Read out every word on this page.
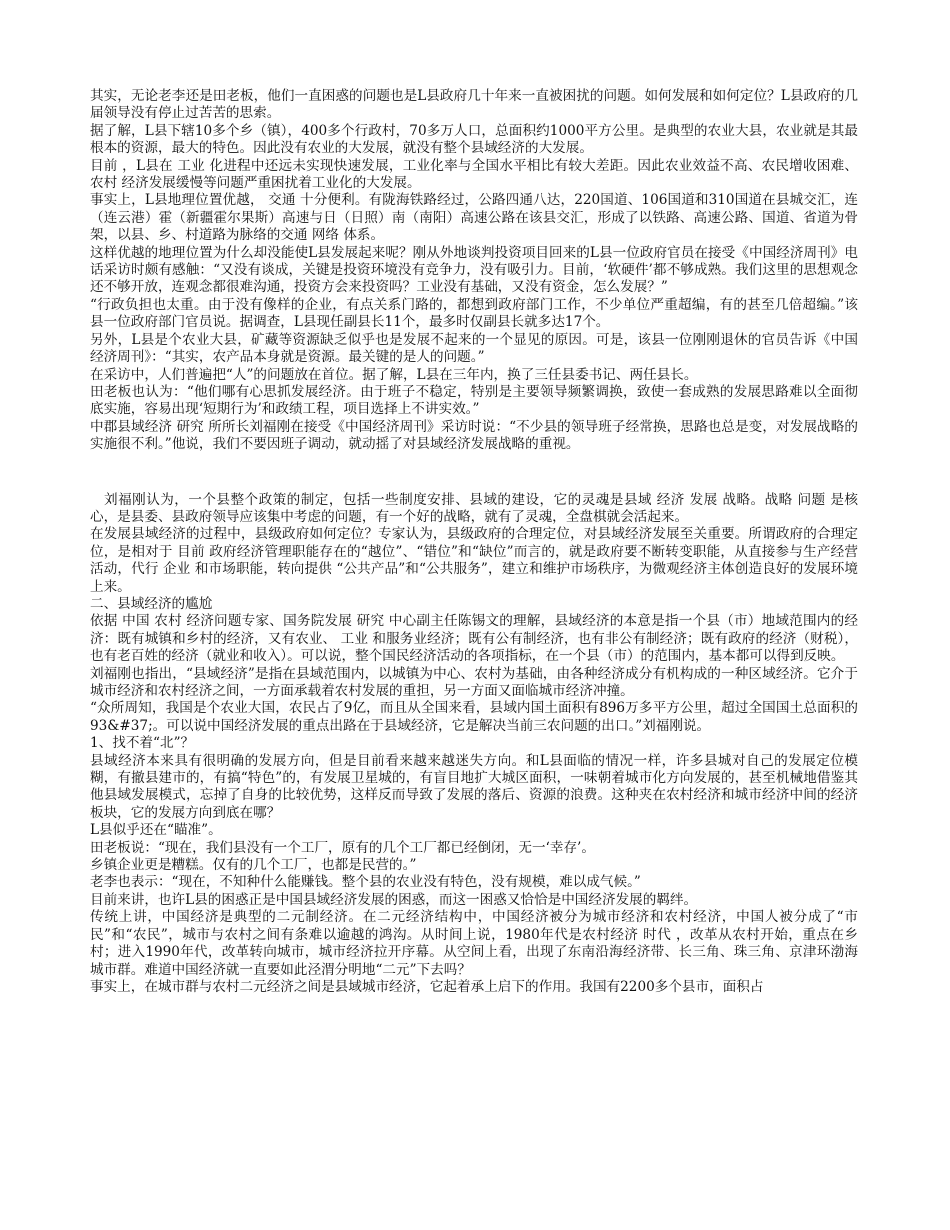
其实，无论老李还是田老板，他们一直困惑的问题也是L县政府几十年来一直被困扰的问题。如何发展和如何定位？L县政府的几届领导没有停止过苦苦的思索。

据了解，L县下辖10多个乡（镇），400多个行政村，70多万人口，总面积约1000平方公里。是典型的农业大县，农业就是其最根本的资源，最大的特色。因此没有农业的大发展，就没有整个县域经济的大发展。

目前 ，L县在 工业 化进程中还远未实现快速发展，工业化率与全国水平相比有较大差距。因此农业效益不高、农民增收困难、 农村 经济发展缓慢等问题严重困扰着工业化的大发展。

事实上，L县地理位置优越， 交通 十分便利。有陇海铁路经过，公路四通八达，220国道、106国道和310国道在县城交汇，连（连云港）霍（新疆霍尔果斯）高速与日（日照）南（南阳）高速公路在该县交汇，形成了以铁路、高速公路、国道、省道为骨架，以县、乡、村道路为脉络的交通 网络 体系。

这样优越的地理位置为什么却没能使L县发展起来呢？刚从外地谈判投资项目回来的L县一位政府官员在接受《中国经济周刊》电话采访时颇有感触：“又没有谈成，关键是投资环境没有竞争力，没有吸引力。目前，‘软硬件’都不够成熟。我们这里的思想观念还不够开放，连观念都很难沟通，投资方会来投资吗？工业没有基础，又没有资金，怎么发展？”

“行政负担也太重。由于没有像样的企业，有点关系门路的，都想到政府部门工作，不少单位严重超编，有的甚至几倍超编。”该县一位政府部门官员说。据调查，L县现任副县长11个，最多时仅副县长就多达17个。

另外，L县是个农业大县，矿藏等资源缺乏似乎也是发展不起来的一个显见的原因。可是，该县一位刚刚退休的官员告诉《中国经济周刊》：“其实，农产品本身就是资源。最关键的是人的问题。”

在采访中，人们普遍把“人”的问题放在首位。据了解，L县在三年内，换了三任县委书记、两任县长。

田老板也认为：“他们哪有心思抓发展经济。由于班子不稳定，特别是主要领导频繁调换，致使一套成熟的发展思路难以全面彻底实施，容易出现‘短期行为’和政绩工程，项目选择上不讲实效。”

中郡县域经济 研究 所所长刘福刚在接受《中国经济周刊》采访时说：“不少县的领导班子经常换，思路也总是变，对发展战略的实施很不利。”他说，我们不要因班子调动，就动摇了对县域经济发展战略的重视。

　刘福刚认为，一个县整个政策的制定，包括一些制度安排、县域的建设，它的灵魂是县域 经济 发展 战略。战略 问题 是核心，是县委、县政府领导应该集中考虑的问题，有一个好的战略，就有了灵魂，全盘棋就会活起来。

在发展县域经济的过程中，县级政府如何定位？专家认为，县级政府的合理定位，对县域经济发展至关重要。所谓政府的合理定位，是相对于 目前 政府经济管理职能存在的“越位”、“错位”和“缺位”而言的，就是政府要不断转变职能，从直接参与生产经营活动，代行 企业 和市场职能，转向提供 “公共产品”和“公共服务”，建立和维护市场秩序，为微观经济主体创造良好的发展环境上来。

二、县域经济的尴尬

依据 中国 农村 经济问题专家、国务院发展 研究 中心副主任陈锡文的理解，县域经济的本意是指一个县（市）地域范围内的经济：既有城镇和乡村的经济，又有农业、 工业 和服务业经济；既有公有制经济，也有非公有制经济；既有政府的经济（财税），也有老百姓的经济（就业和收入）。可以说，整个国民经济活动的各项指标，在一个县（市）的范围内，基本都可以得到反映。

刘福刚也指出，“县域经济”是指在县域范围内，以城镇为中心、农村为基础，由各种经济成分有机构成的一种区域经济。它介于城市经济和农村经济之间，一方面承载着农村发展的重担，另一方面又面临城市经济冲撞。

“众所周知，我国是个农业大国，农民占了9亿，而且从全国来看，县域内国土面积有896万多平方公里，超过全国国土总面积的93&#37;。可以说中国经济发展的重点出路在于县域经济，它是解决当前三农问题的出口。”刘福刚说。

1、找不着“北”？

县域经济本来具有很明确的发展方向，但是目前看来越来越迷失方向。和L县面临的情况一样，许多县城对自己的发展定位模糊，有撤县建市的，有搞“特色”的，有发展卫星城的，有盲目地扩大城区面积，一味朝着城市化方向发展的，甚至机械地借鉴其他县域发展模式，忘掉了自身的比较优势，这样反而导致了发展的落后、资源的浪费。这种夹在农村经济和城市经济中间的经济板块，它的发展方向到底在哪？

L县似乎还在“瞄准”。

田老板说：“现在，我们县没有一个工厂，原有的几个工厂都已经倒闭，无一‘幸存’。

乡镇企业更是糟糕。仅有的几个工厂，也都是民营的。”

老李也表示：“现在，不知种什么能赚钱。整个县的农业没有特色，没有规模，难以成气候。”

目前来讲，也许L县的困惑正是中国县域经济发展的困惑，而这一困惑又恰恰是中国经济发展的羁绊。

传统上讲，中国经济是典型的二元制经济。在二元经济结构中，中国经济被分为城市经济和农村经济，中国人被分成了“市民”和“农民”，城市与农村之间有条难以逾越的鸿沟。从时间上说，1980年代是农村经济 时代 ，改革从农村开始，重点在乡村；进入1990年代，改革转向城市，城市经济拉开序幕。从空间上看，出现了东南沿海经济带、长三角、珠三角、京津环渤海城市群。难道中国经济就一直要如此泾渭分明地“二元”下去吗？

事实上，在城市群与农村二元经济之间是县域城市经济，它起着承上启下的作用。我国有2200多个县市，面积占
